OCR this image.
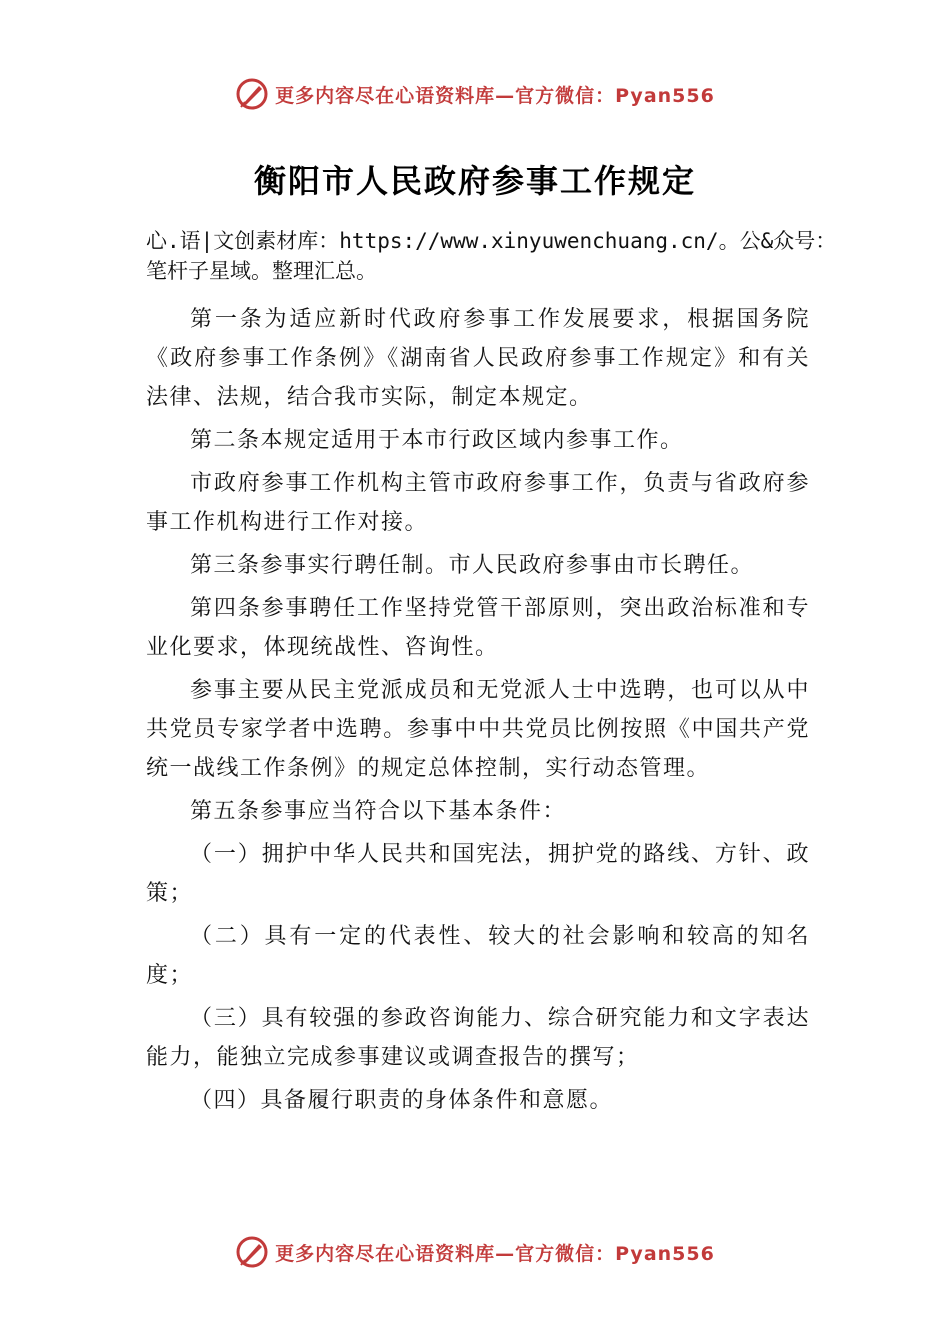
更多内容尽在心语资料库—官方微信：Pyan556
衡阳市人民政府参事工作规定

心.语|文创素材库：https://www.xinyuwenchuang.cn/。公&众号：笔杆子星域。整理汇总。

第一条为适应新时代政府参事工作发展要求，根据国务院《政府参事工作条例》《湖南省人民政府参事工作规定》和有关法律、法规，结合我市实际，制定本规定。

第二条本规定适用于本市行政区域内参事工作。

市政府参事工作机构主管市政府参事工作，负责与省政府参事工作机构进行工作对接。

第三条参事实行聘任制。市人民政府参事由市长聘任。

第四条参事聘任工作坚持党管干部原则，突出政治标准和专业化要求，体现统战性、咨询性。

参事主要从民主党派成员和无党派人士中选聘，也可以从中共党员专家学者中选聘。参事中中共党员比例按照《中国共产党统一战线工作条例》的规定总体控制，实行动态管理。

第五条参事应当符合以下基本条件：

（一）拥护中华人民共和国宪法，拥护党的路线、方针、政策；

（二）具有一定的代表性、较大的社会影响和较高的知名度；

（三）具有较强的参政咨询能力、综合研究能力和文字表达能力，能独立完成参事建议或调查报告的撰写；

（四）具备履行职责的身体条件和意愿。

更多内容尽在心语资料库—官方微信：Pyan556
